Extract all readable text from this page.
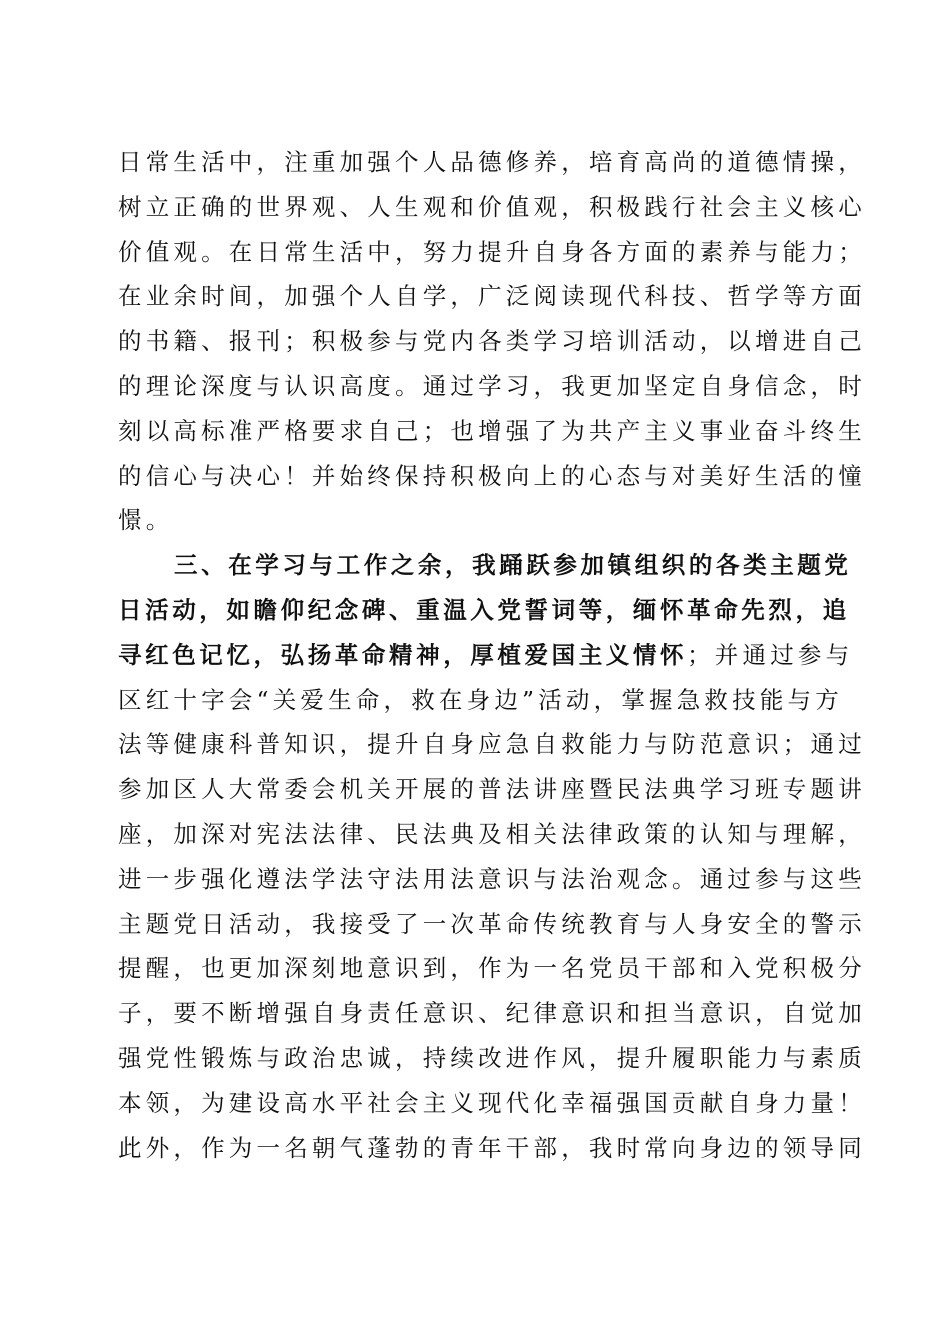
日常生活中，注重加强个人品德修养，培育高尚的道德情操，
树立正确的世界观、人生观和价值观，积极践行社会主义核心
价值观。在日常生活中，努力提升自身各方面的素养与能力；
在业余时间，加强个人自学，广泛阅读现代科技、哲学等方面
的书籍、报刊；积极参与党内各类学习培训活动，以增进自己
的理论深度与认识高度。通过学习，我更加坚定自身信念，时
刻以高标准严格要求自己；也增强了为共产主义事业奋斗终生
的信心与决心！并始终保持积极向上的心态与对美好生活的憧
憬。
三、在学习与工作之余，我踊跃参加镇组织的各类主题党
日活动，如瞻仰纪念碑、重温入党誓词等，缅怀革命先烈，追
寻红色记忆，弘扬革命精神，厚植爱国主义情怀；并通过参与
区红十字会“关爱生命，救在身边”活动，掌握急救技能与方
法等健康科普知识，提升自身应急自救能力与防范意识；通过
参加区人大常委会机关开展的普法讲座暨民法典学习班专题讲
座，加深对宪法法律、民法典及相关法律政策的认知与理解，
进一步强化遵法学法守法用法意识与法治观念。通过参与这些
主题党日活动，我接受了一次革命传统教育与人身安全的警示
提醒，也更加深刻地意识到，作为一名党员干部和入党积极分
子，要不断增强自身责任意识、纪律意识和担当意识，自觉加
强党性锻炼与政治忠诚，持续改进作风，提升履职能力与素质
本领，为建设高水平社会主义现代化幸福强国贡献自身力量！
此外，作为一名朝气蓬勃的青年干部，我时常向身边的领导同
